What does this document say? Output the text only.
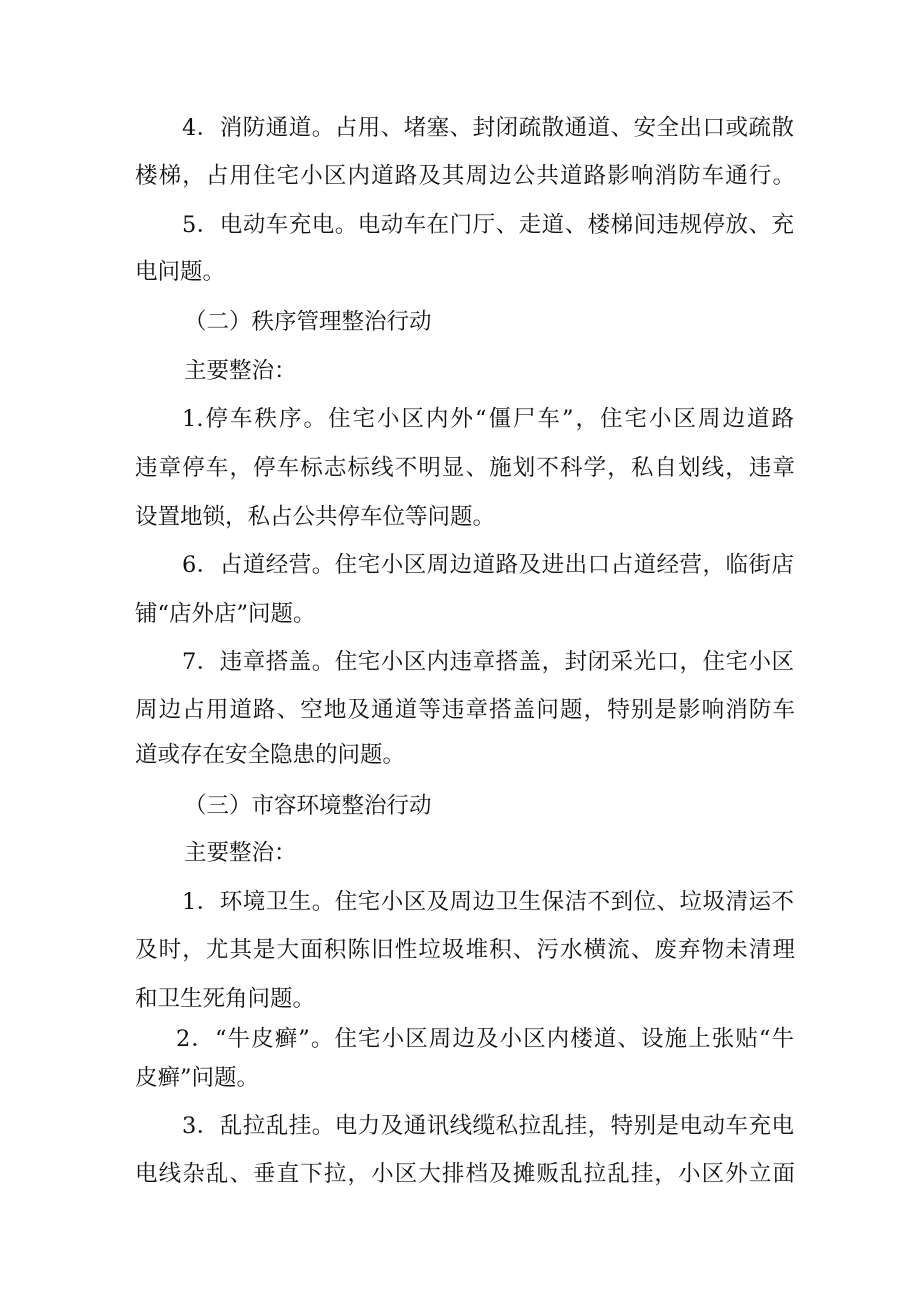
4．消防通道。占用、堵塞、封闭疏散通道、安全出口或疏散
楼梯，占用住宅小区内道路及其周边公共道路影响消防车通行。
5．电动车充电。电动车在门厅、走道、楼梯间违规停放、充
电问题。
（二）秩序管理整治行动
主要整治：
1.停车秩序。住宅小区内外“僵尸车”，住宅小区周边道路
违章停车，停车标志标线不明显、施划不科学，私自划线，违章
设置地锁，私占公共停车位等问题。
6．占道经营。住宅小区周边道路及进出口占道经营，临街店
铺“店外店”问题。
7．违章搭盖。住宅小区内违章搭盖，封闭采光口，住宅小区
周边占用道路、空地及通道等违章搭盖问题，特别是影响消防车
道或存在安全隐患的问题。
（三）市容环境整治行动
主要整治：
1．环境卫生。住宅小区及周边卫生保洁不到位、垃圾清运不
及时，尤其是大面积陈旧性垃圾堆积、污水横流、废弃物未清理
和卫生死角问题。
2．“牛皮癣”。住宅小区周边及小区内楼道、设施上张贴“牛
皮癣”问题。
3．乱拉乱挂。电力及通讯线缆私拉乱挂，特别是电动车充电
电线杂乱、垂直下拉，小区大排档及摊贩乱拉乱挂，小区外立面
